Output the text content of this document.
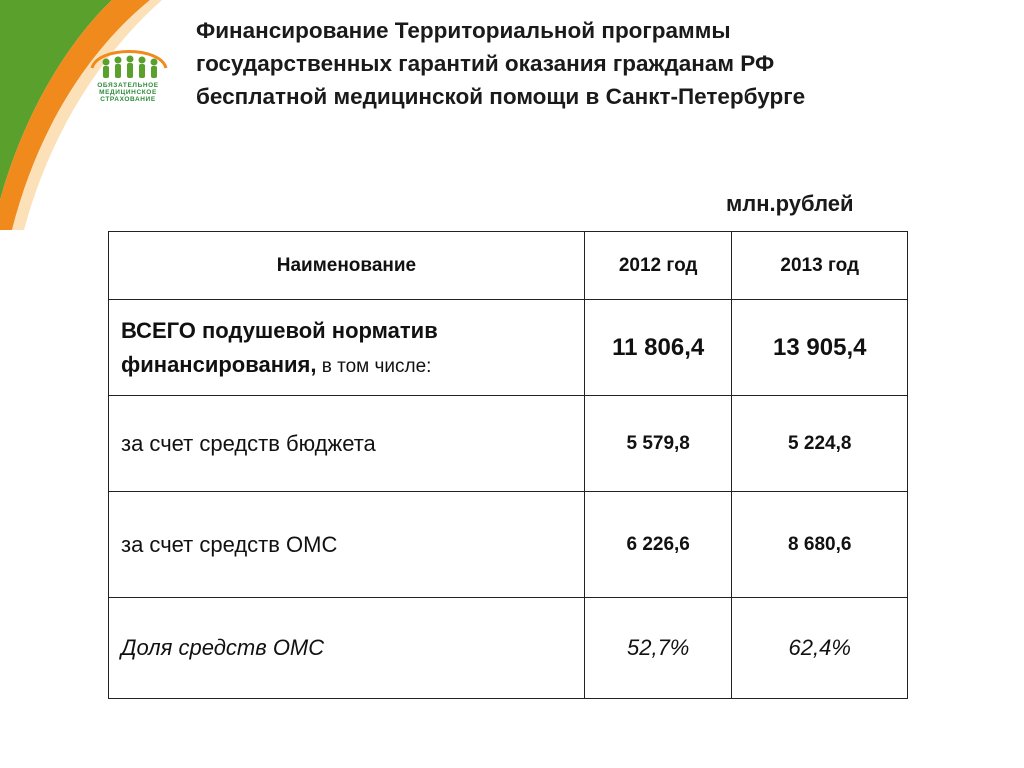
ОБЯЗАТЕЛЬНОЕ
МЕДИЦИНСКОЕ
СТРАХОВАНИЕ
Финансирование Территориальной программы
государственных гарантий оказания гражданам РФ
бесплатной медицинской помощи в Санкт-Петербурге
млн.рублей
Наименование	2012 год	2013 год
ВСЕГО подушевой норматив финансирования, в том числе:	11 806,4	13 905,4
за счет средств бюджета	5 579,8	5 224,8
за счет средств ОМС	6 226,6	8 680,6
Доля средств ОМС	52,7%	62,4%
